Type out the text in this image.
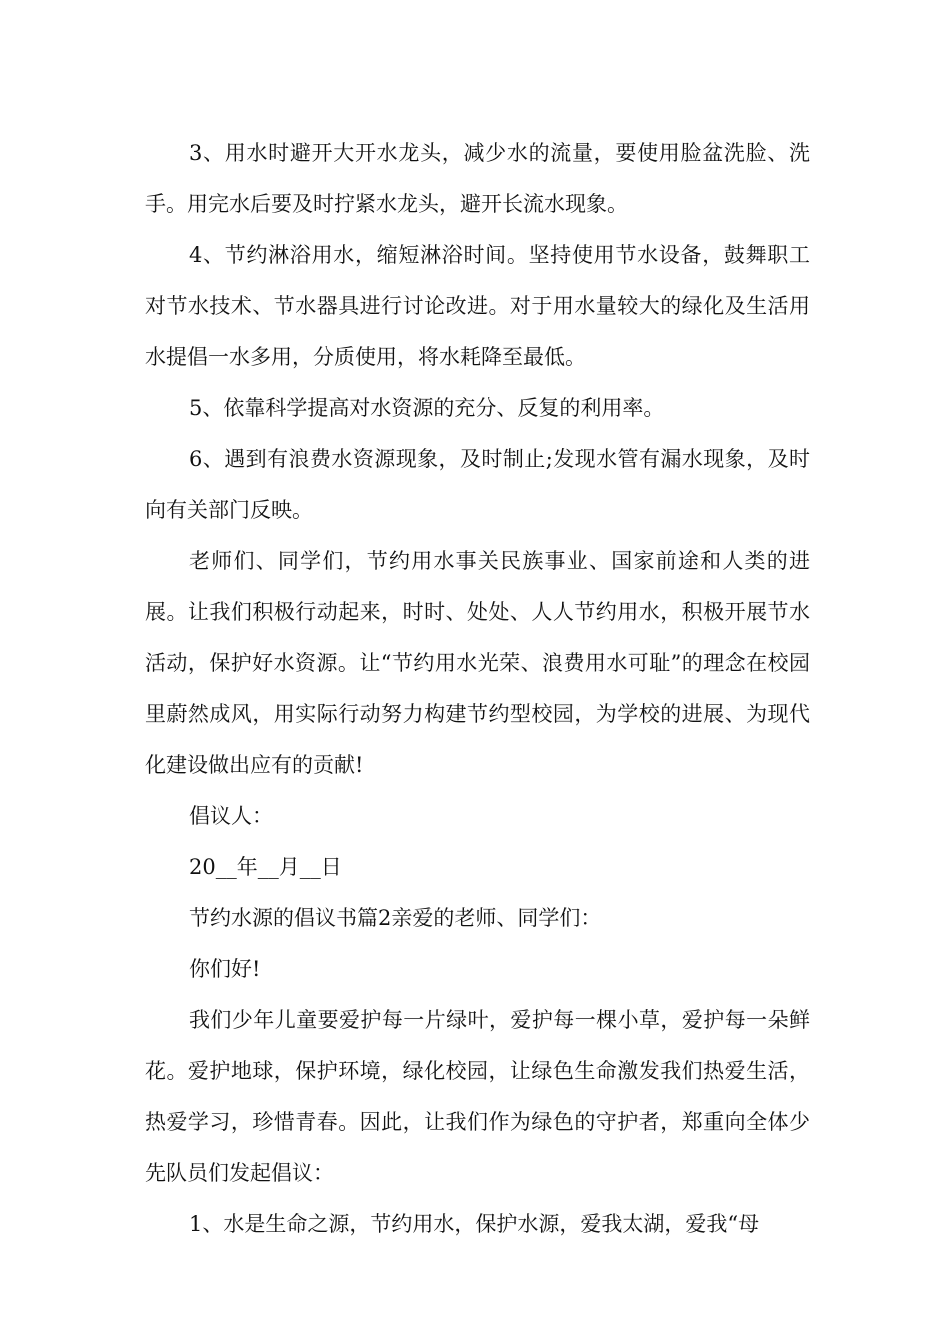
3、用水时避开大开水龙头，减少水的流量，要使用脸盆洗脸、洗手。用完水后要及时拧紧水龙头，避开长流水现象。

4、节约淋浴用水，缩短淋浴时间。坚持使用节水设备，鼓舞职工对节水技术、节水器具进行讨论改进。对于用水量较大的绿化及生活用水提倡一水多用，分质使用，将水耗降至最低。

5、依靠科学提高对水资源的充分、反复的利用率。

6、遇到有浪费水资源现象，及时制止;发现水管有漏水现象，及时向有关部门反映。

老师们、同学们，节约用水事关民族事业、国家前途和人类的进展。让我们积极行动起来，时时、处处、人人节约用水，积极开展节水活动，保护好水资源。让“节约用水光荣、浪费用水可耻”的理念在校园里蔚然成风，用实际行动努力构建节约型校园，为学校的进展、为现代化建设做出应有的贡献!

倡议人：

20__年__月__日

节约水源的倡议书篇2亲爱的老师、同学们：

你们好!

我们少年儿童要爱护每一片绿叶，爱护每一棵小草，爱护每一朵鲜花。爱护地球，保护环境，绿化校园，让绿色生命激发我们热爱生活，热爱学习，珍惜青春。因此，让我们作为绿色的守护者，郑重向全体少先队员们发起倡议：

1、水是生命之源，节约用水，保护水源，爱我太湖，爱我“母
